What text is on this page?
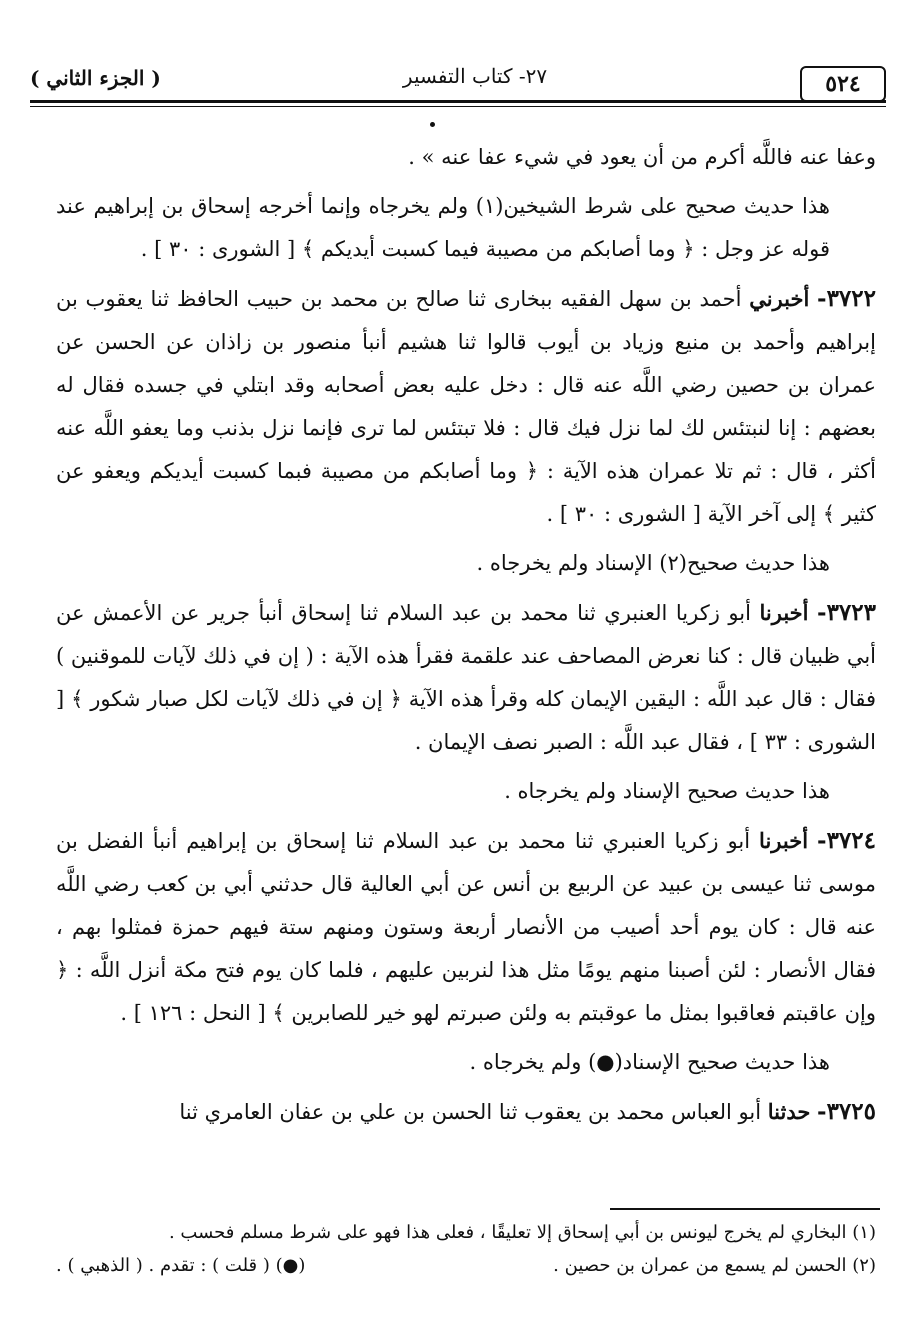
٥٢٤
٢٧- كتاب التفسير
( الجزء الثاني )

وعفا عنه فاللَّه أكرم من أن يعود في شيء عفا عنه » .

هذا حديث صحيح على شرط الشيخين(١) ولم يخرجاه وإنما أخرجه إسحاق بن إبراهيم عند قوله عز وجل : ﴿ وما أصابكم من مصيبة فيما كسبت أيديكم ﴾ [ الشورى : ٣٠ ] .

٣٧٢٢- أخبرني أحمد بن سهل الفقيه ببخارى ثنا صالح بن محمد بن حبيب الحافظ ثنا يعقوب بن إبراهيم وأحمد بن منيع وزياد بن أيوب قالوا ثنا هشيم أنبأ منصور بن زاذان عن الحسن عن عمران بن حصين رضي اللَّه عنه قال : دخل عليه بعض أصحابه وقد ابتلي في جسده فقال له بعضهم : إنا لنبتئس لك لما نزل فيك قال : فلا تبتئس لما ترى فإنما نزل بذنب وما يعفو اللَّه عنه أكثر ، قال : ثم تلا عمران هذه الآية : ﴿ وما أصابكم من مصيبة فبما كسبت أيديكم ويعفو عن كثير ﴾ إلى آخر الآية [ الشورى : ٣٠ ] .

هذا حديث صحيح(٢) الإسناد ولم يخرجاه .

٣٧٢٣- أخبرنا أبو زكريا العنبري ثنا محمد بن عبد السلام ثنا إسحاق أنبأ جرير عن الأعمش عن أبي ظبيان قال : كنا نعرض المصاحف عند علقمة فقرأ هذه الآية : ( إن في ذلك لآيات للموقنين ) فقال : قال عبد اللَّه : اليقين الإيمان كله وقرأ هذه الآية ﴿ إن في ذلك لآيات لكل صبار شكور ﴾ [ الشورى : ٣٣ ] ، فقال عبد اللَّه : الصبر نصف الإيمان .

هذا حديث صحيح الإسناد ولم يخرجاه .

٣٧٢٤- أخبرنا أبو زكريا العنبري ثنا محمد بن عبد السلام ثنا إسحاق بن إبراهيم أنبأ الفضل بن موسى ثنا عيسى بن عبيد عن الربيع بن أنس عن أبي العالية قال حدثني أبي بن كعب رضي اللَّه عنه قال : كان يوم أحد أصيب من الأنصار أربعة وستون ومنهم ستة فيهم حمزة فمثلوا بهم ، فقال الأنصار : لئن أصبنا منهم يومًا مثل هذا لنربين عليهم ، فلما كان يوم فتح مكة أنزل اللَّه : ﴿ وإن عاقبتم فعاقبوا بمثل ما عوقبتم به ولئن صبرتم لهو خير للصابرين ﴾ [ النحل : ١٢٦ ] .

هذا حديث صحيح الإسناد(●) ولم يخرجاه .

٣٧٢٥- حدثنا أبو العباس محمد بن يعقوب ثنا الحسن بن علي بن عفان العامري ثنا

(١) البخاري لم يخرج ليونس بن أبي إسحاق إلا تعليقًا ، فعلى هذا فهو على شرط مسلم فحسب .
(٢) الحسن لم يسمع من عمران بن حصين .
(●) ( قلت ) : تقدم . ( الذهبي ) .
